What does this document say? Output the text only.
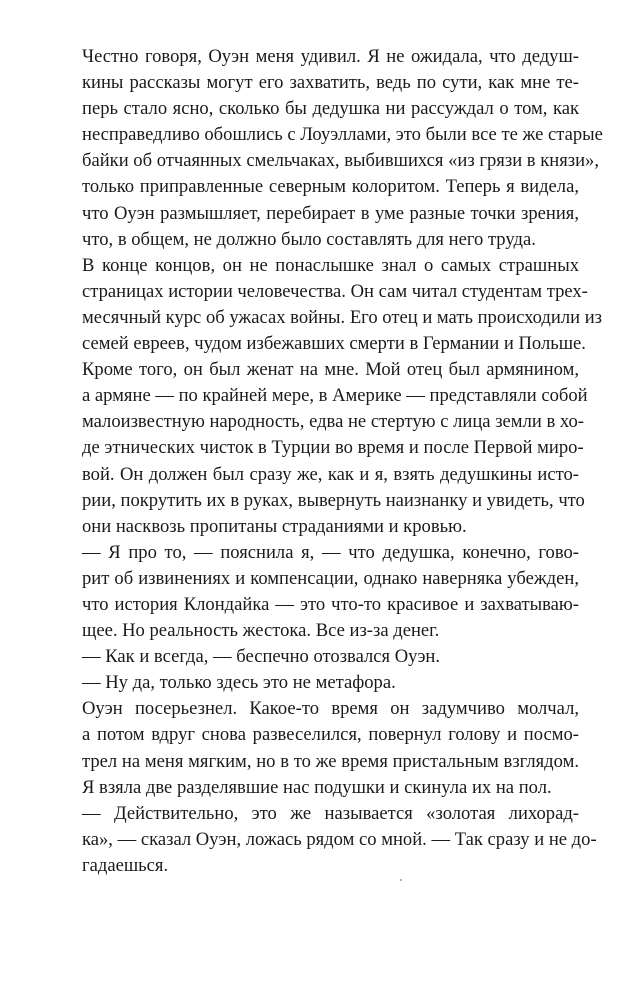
Честно говоря, Оуэн меня удивил. Я не ожидала, что дедуш-
кины рассказы могут его захватить, ведь по сути, как мне те-
перь стало ясно, сколько бы дедушка ни рассуждал о том, как
несправедливо обошлись с Лоуэллами, это были все те же старые
байки об отчаянных смельчаках, выбившихся «из грязи в князи»,
только приправленные северным колоритом. Теперь я видела,
что Оуэн размышляет, перебирает в уме разные точки зрения,
что, в общем, не должно было составлять для него труда.

В конце концов, он не понаслышке знал о самых страшных
страницах истории человечества. Он сам читал студентам трех-
месячный курс об ужасах войны. Его отец и мать происходили из
семей евреев, чудом избежавших смерти в Германии и Польше.
Кроме того, он был женат на мне. Мой отец был армянином,
а армяне — по крайней мере, в Америке — представляли собой
малоизвестную народность, едва не стертую с лица земли в хо-
де этнических чисток в Турции во время и после Первой миро-
вой. Он должен был сразу же, как и я, взять дедушкины исто-
рии, покрутить их в руках, вывернуть наизнанку и увидеть, что
они насквозь пропитаны страданиями и кровью.

— Я про то, — пояснила я, — что дедушка, конечно, гово-
рит об извинениях и компенсации, однако наверняка убежден,
что история Клондайка — это что-то красивое и захватываю-
щее. Но реальность жестока. Все из-за денег.

— Как и всегда, — беспечно отозвался Оуэн.

— Ну да, только здесь это не метафора.

Оуэн посерьезнел. Какое-то время он задумчиво молчал,
а потом вдруг снова развеселился, повернул голову и посмо-
трел на меня мягким, но в то же время пристальным взглядом.
Я взяла две разделявшие нас подушки и скинула их на пол.

— Действительно, это же называется «золотая лихорад-
ка», — сказал Оуэн, ложась рядом со мной. — Так сразу и не до-
гадаешься.
